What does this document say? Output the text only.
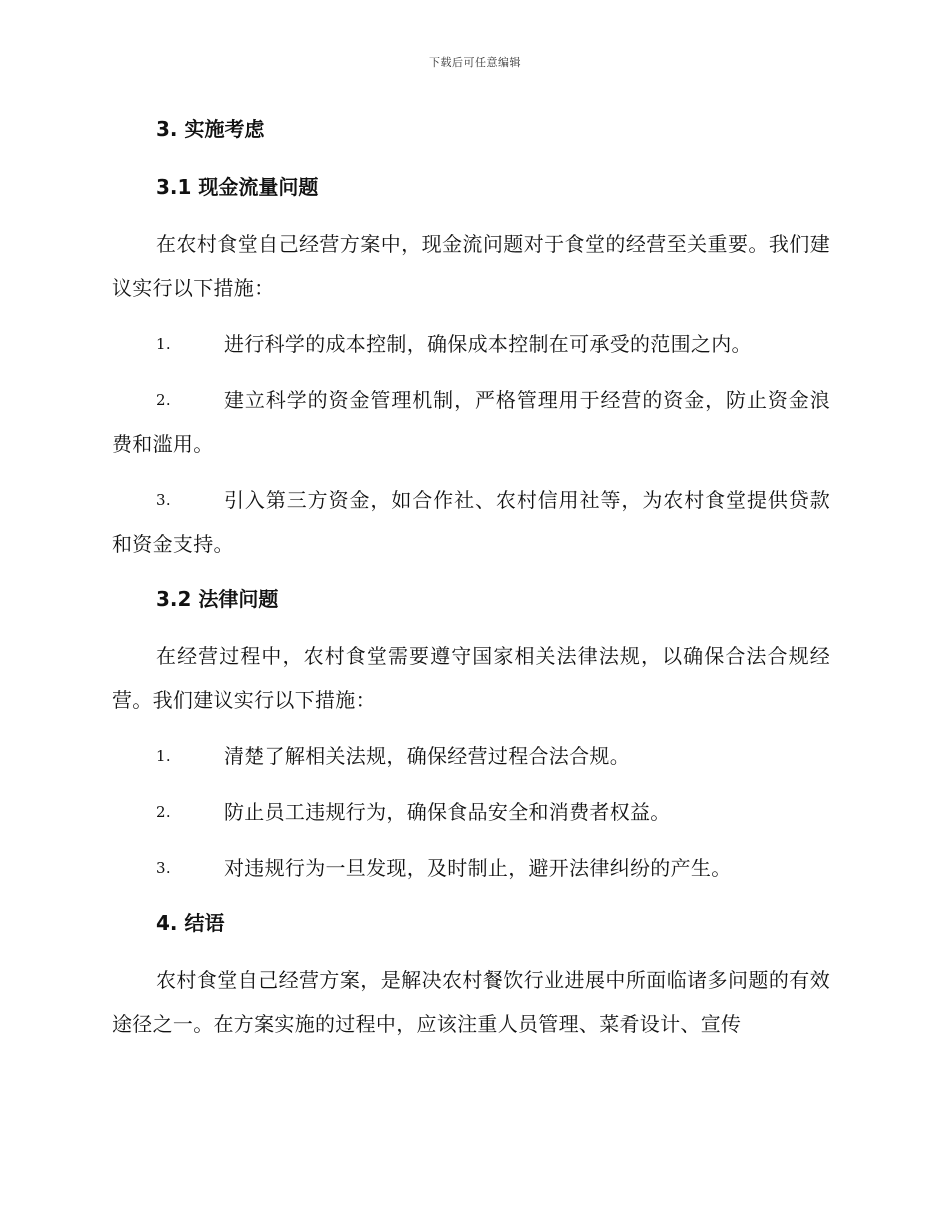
下载后可任意编辑
3. 实施考虑
3.1 现金流量问题

在农村食堂自己经营方案中，现金流问题对于食堂的经营至关重要。我们建议实行以下措施：

1.	进行科学的成本控制，确保成本控制在可承受的范围之内。
2.	建立科学的资金管理机制，严格管理用于经营的资金，防止资金浪费和滥用。
3.	引入第三方资金，如合作社、农村信用社等，为农村食堂提供贷款和资金支持。
3.2 法律问题

在经营过程中，农村食堂需要遵守国家相关法律法规，以确保合法合规经营。我们建议实行以下措施：

1.	清楚了解相关法规，确保经营过程合法合规。
2.	防止员工违规行为，确保食品安全和消费者权益。
3.	对违规行为一旦发现，及时制止，避开法律纠纷的产生。
4. 结语

农村食堂自己经营方案，是解决农村餐饮行业进展中所面临诸多问题的有效途径之一。在方案实施的过程中，应该注重人员管理、菜肴设计、宣传
